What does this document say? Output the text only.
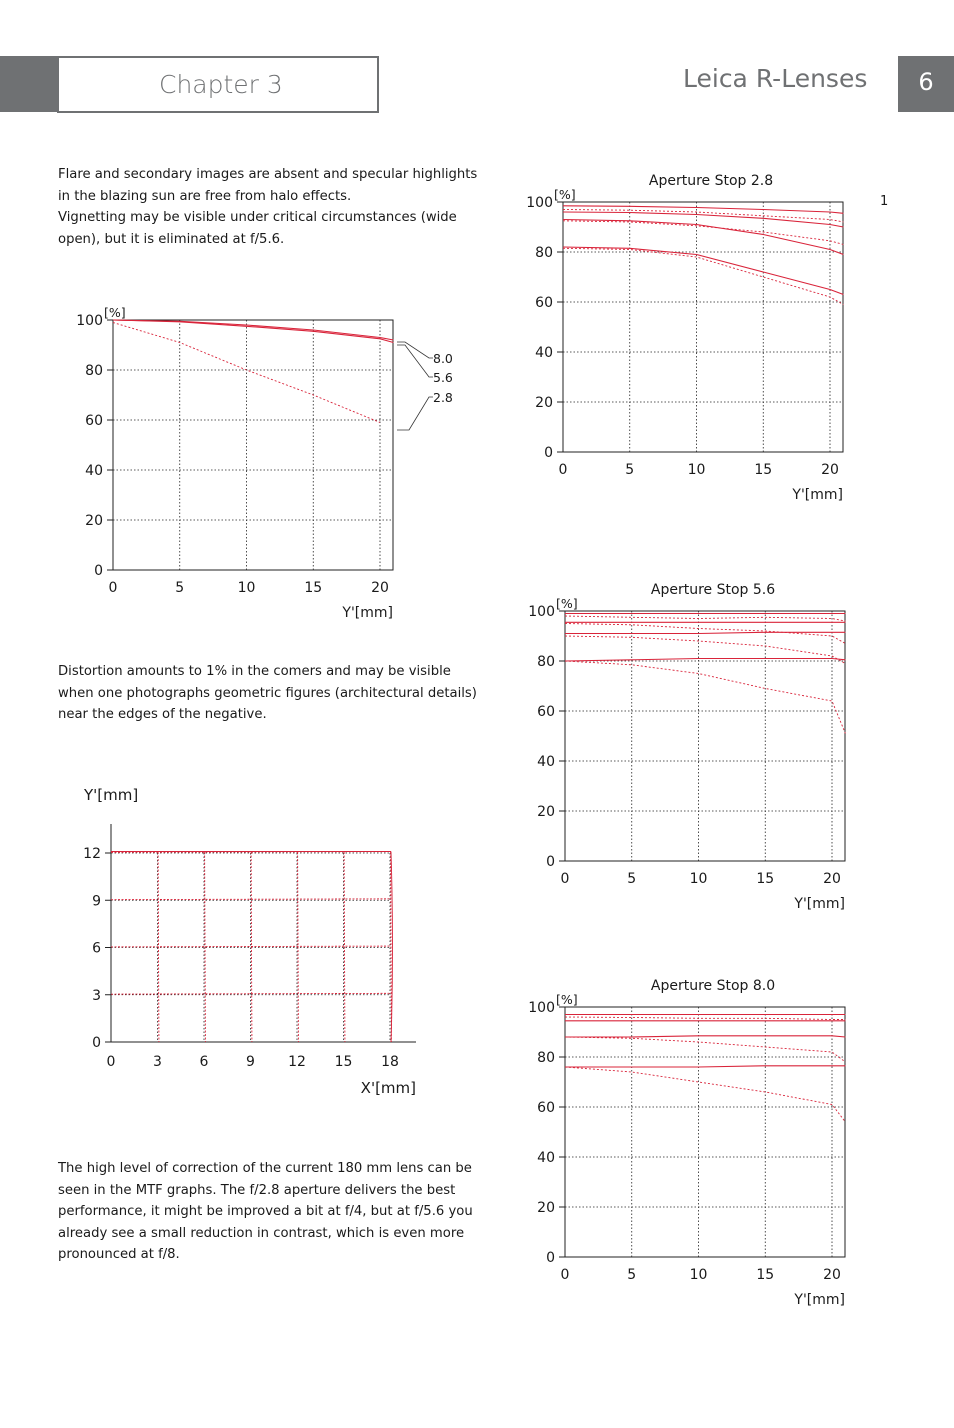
Chapter 3	Leica R-Lenses	6
Flare and secondary images are absent and specular highlights
in the blazing sun are free from halo effects.
Vignetting may be visible under critical circumstances (wide
open), but it is eliminated at f/5.6.
Distortion amounts to 1% in the comers and may be visible
when one photographs geometric figures (architectural details)
near the edges of the negative.
The high level of correction of the current 180 mm lens can be
seen in the MTF graphs. The f/2.8 aperture delivers the best
performance, it might be improved a bit at f/4, but at f/5.6 you
already see a small reduction in contrast, which is even more
pronounced at f/8.
1
0
20
40
60
80
100
0	5	10	15	20
[%]
Y'[mm]
8.0
5.6
2.8
0
3
6
9
12
0	3	6	9 12 15 18
Y'[mm]
X'[mm]
0
20
40
60
80
100
0	5	10	15	20
[%]
Y'[mm]
Aperture Stop 2.8
0
20
40
60
80
100
0	5	10	15	20
[%]
Y'[mm]
Aperture Stop 5.6
0
20
40
60
80
100
0	5	10	15	20
[%]
Y'[mm]
Aperture Stop 8.0
